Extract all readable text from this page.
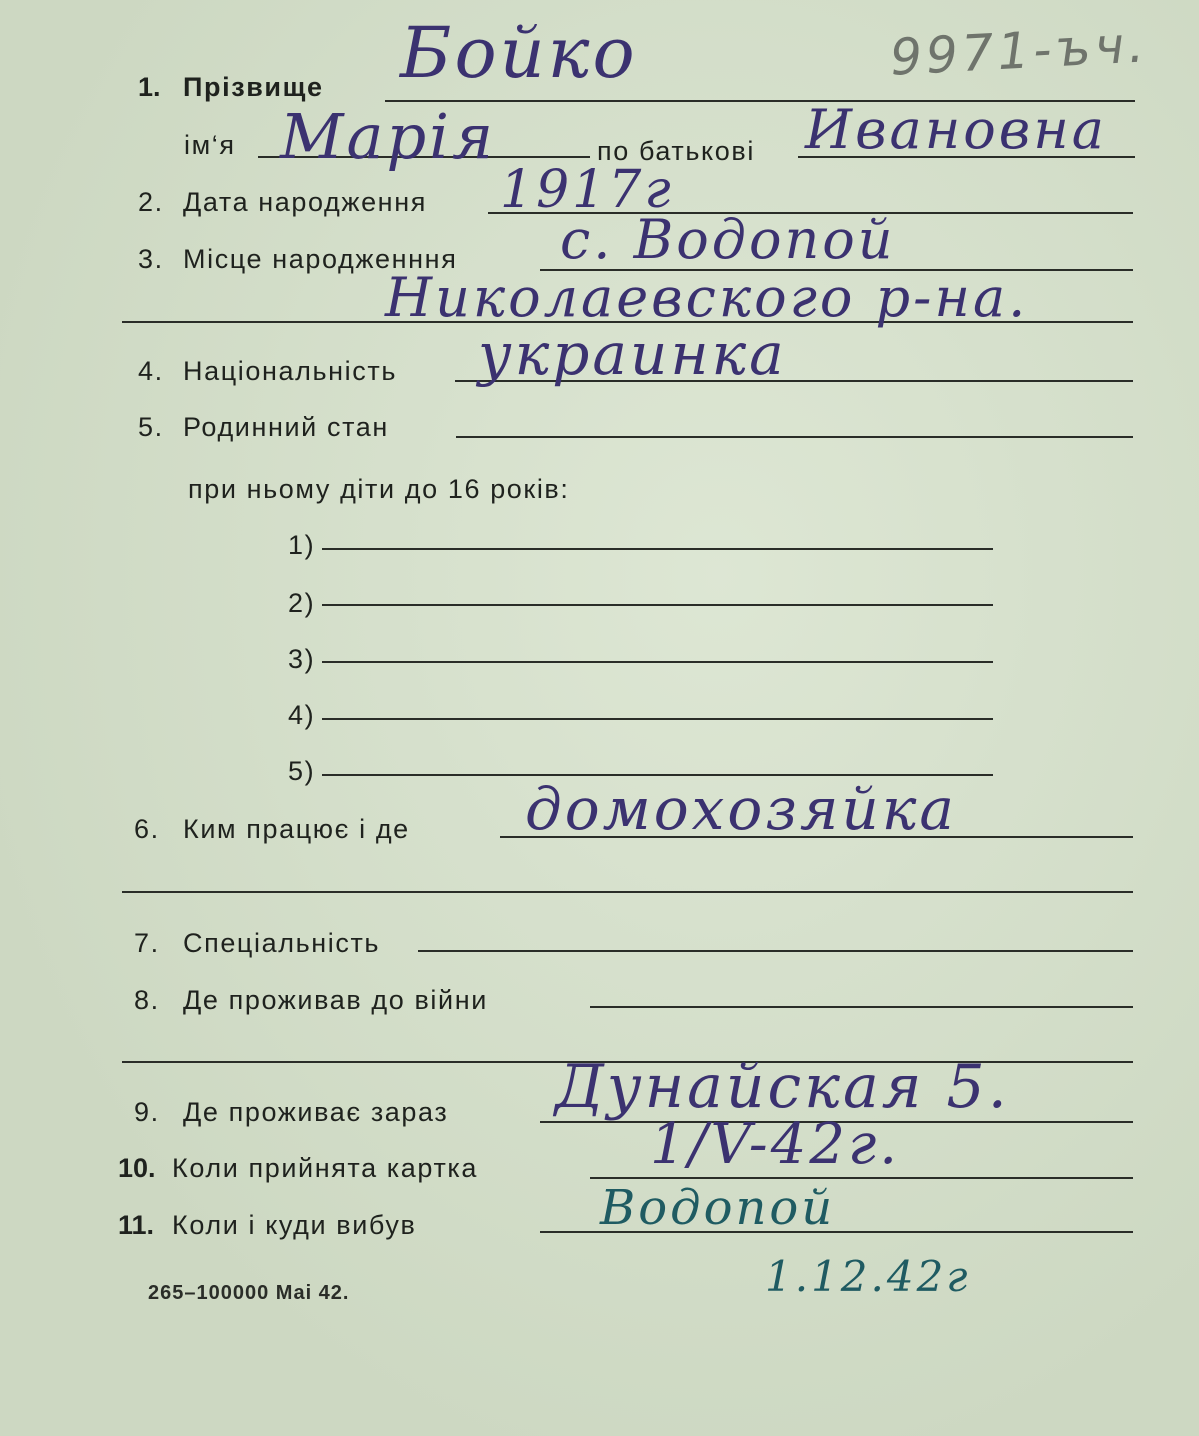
9971-ъч.
1. Прізвище Бойко
ім‘я Марія	по батькові Ивановна
2. Дата народження 1917г
3. Місце народженння с. Водопой
Николаевского р-на.
4. Національність украинка
5. Родинний стан
при ньому діти до 16 років:
1)
2)
3)
4)
5)
6. Ким працює і де домохозяйка
7. Спеціальність
8. Де проживав до війни
9. Де проживає зараз Дунайская 5.
10. Коли прийнята картка	1/V-42г.
11. Коли і куди вибув	Водопой
1.12.42г
265–100000 Mai 42.
